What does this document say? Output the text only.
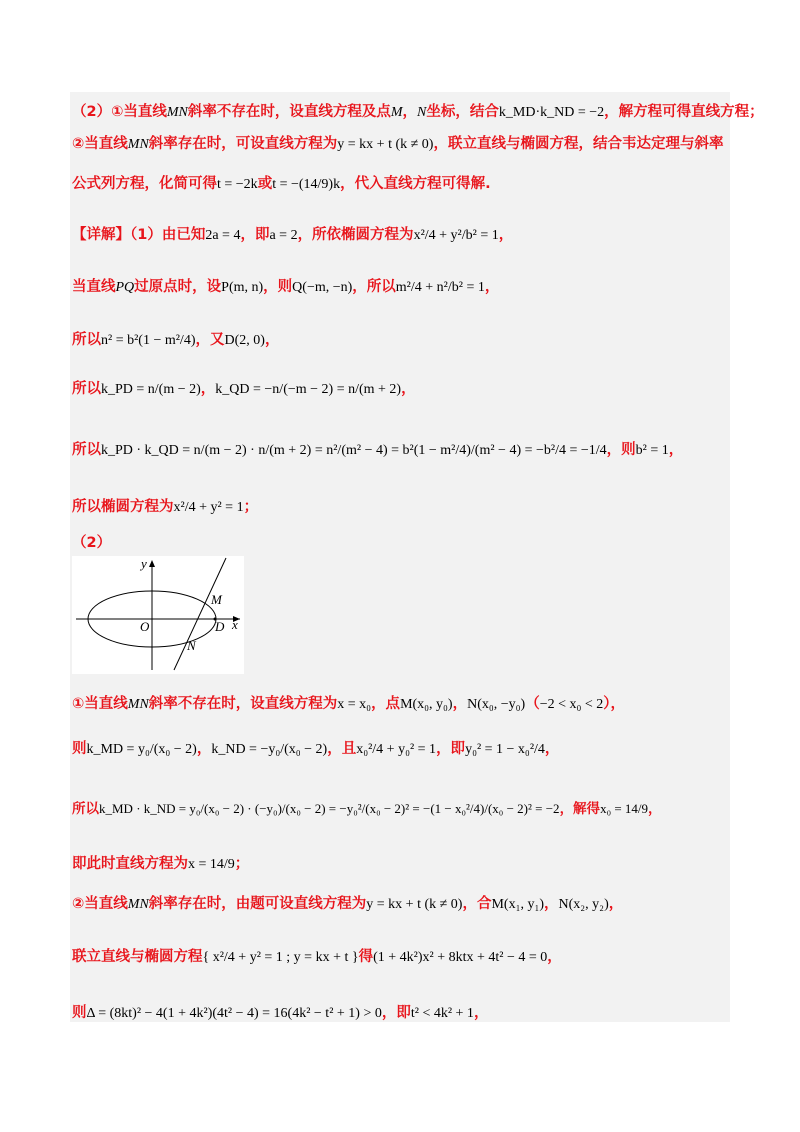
（2）①当直线MN斜率不存在时，设直线方程及点M，N坐标，结合k_MD·k_ND = −2，解方程可得直线方程；
②当直线MN斜率存在时，可设直线方程为y = kx + t (k ≠ 0)，联立直线与椭圆方程，结合韦达定理与斜率
公式列方程，化简可得t = −2k或t = −(14/9)k，代入直线方程可得解.
【详解】（1）由已知2a = 4，即a = 2，所依椭圆方程为x²/4 + y²/b² = 1，
当直线PQ过原点时，设P(m, n)，则Q(−m, −n)，所以m²/4 + n²/b² = 1，
所以n² = b²(1 − m²/4)，又D(2, 0)，
所以k_PD = n/(m − 2)，k_QD = −n/(−m − 2) = n/(m + 2)，
所以k_PD · k_QD = n/(m − 2) · n/(m + 2) = n²/(m² − 4) = b²(1 − m²/4)/(m² − 4) = −b²/4 = −1/4，则b² = 1，
所以椭圆方程为x²/4 + y² = 1；
（2）
y
x
O
M
D
N
①当直线MN斜率不存在时，设直线方程为x = x₀，点M(x₀, y₀)，N(x₀, −y₀)（−2 < x₀ < 2），
则k_MD = y₀/(x₀ − 2)，k_ND = −y₀/(x₀ − 2)，且x₀²/4 + y₀² = 1，即y₀² = 1 − x₀²/4，
所以k_MD · k_ND = y₀/(x₀ − 2) · (−y₀)/(x₀ − 2) = −y₀²/(x₀ − 2)² = −(1 − x₀²/4)/(x₀ − 2)² = −2，解得x₀ = 14/9，
即此时直线方程为x = 14/9；
②当直线MN斜率存在时，由题可设直线方程为y = kx + t (k ≠ 0)，合M(x₁, y₁)，N(x₂, y₂)，
联立直线与椭圆方程{ x²/4 + y² = 1 ; y = kx + t }得(1 + 4k²)x² + 8ktx + 4t² − 4 = 0，
则Δ = (8kt)² − 4(1 + 4k²)(4t² − 4) = 16(4k² − t² + 1) > 0，即t² < 4k² + 1，
